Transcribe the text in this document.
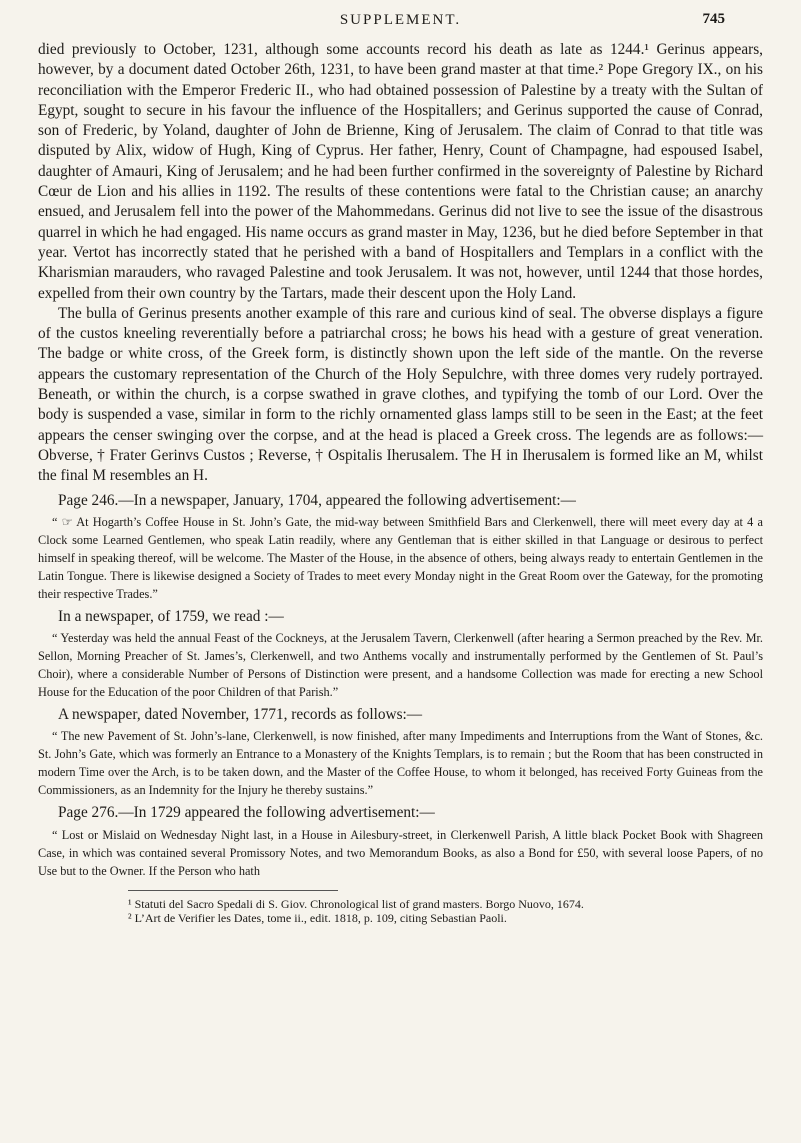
SUPPLEMENT.	745

died previously to October, 1231, although some accounts record his death as late as 1244.¹ Gerinus appears, however, by a document dated October 26th, 1231, to have been grand master at that time.² Pope Gregory IX., on his reconciliation with the Emperor Frederic II., who had obtained possession of Palestine by a treaty with the Sultan of Egypt, sought to secure in his favour the influence of the Hospitallers; and Gerinus supported the cause of Conrad, son of Frederic, by Yoland, daughter of John de Brienne, King of Jerusalem. The claim of Conrad to that title was disputed by Alix, widow of Hugh, King of Cyprus. Her father, Henry, Count of Champagne, had espoused Isabel, daughter of Amauri, King of Jerusalem; and he had been further confirmed in the sovereignty of Palestine by Richard Cœur de Lion and his allies in 1192. The results of these contentions were fatal to the Christian cause; an anarchy ensued, and Jerusalem fell into the power of the Mahommedans. Gerinus did not live to see the issue of the disastrous quarrel in which he had engaged. His name occurs as grand master in May, 1236, but he died before September in that year. Vertot has incorrectly stated that he perished with a band of Hospitallers and Templars in a conflict with the Kharismian marauders, who ravaged Palestine and took Jerusalem. It was not, however, until 1244 that those hordes, expelled from their own country by the Tartars, made their descent upon the Holy Land.

The bulla of Gerinus presents another example of this rare and curious kind of seal. The obverse displays a figure of the custos kneeling reverentially before a patriarchal cross; he bows his head with a gesture of great veneration. The badge or white cross, of the Greek form, is distinctly shown upon the left side of the mantle. On the reverse appears the customary representation of the Church of the Holy Sepulchre, with three domes very rudely portrayed. Beneath, or within the church, is a corpse swathed in grave clothes, and typifying the tomb of our Lord. Over the body is suspended a vase, similar in form to the richly ornamented glass lamps still to be seen in the East; at the feet appears the censer swinging over the corpse, and at the head is placed a Greek cross. The legends are as follows:— Obverse, † Frater Gerinvs Custos ; Reverse, † Ospitalis Iherusalem. The H in Iherusalem is formed like an M, whilst the final M resembles an H.

Page 246.—In a newspaper, January, 1704, appeared the following advertisement:—

“ ☞ At Hogarth’s Coffee House in St. John’s Gate, the mid-way between Smithfield Bars and Clerkenwell, there will meet every day at 4 a Clock some Learned Gentlemen, who speak Latin readily, where any Gentleman that is either skilled in that Language or desirous to perfect himself in speaking thereof, will be welcome. The Master of the House, in the absence of others, being always ready to entertain Gentlemen in the Latin Tongue. There is likewise designed a Society of Trades to meet every Monday night in the Great Room over the Gateway, for the promoting their respective Trades.”

In a newspaper, of 1759, we read :—

“ Yesterday was held the annual Feast of the Cockneys, at the Jerusalem Tavern, Clerkenwell (after hearing a Sermon preached by the Rev. Mr. Sellon, Morning Preacher of St. James’s, Clerkenwell, and two Anthems vocally and instrumentally performed by the Gentlemen of St. Paul’s Choir), where a considerable Number of Persons of Distinction were present, and a handsome Collection was made for erecting a new School House for the Education of the poor Children of that Parish.”

A newspaper, dated November, 1771, records as follows:—

“ The new Pavement of St. John’s-lane, Clerkenwell, is now finished, after many Impediments and Interruptions from the Want of Stones, &c. St. John’s Gate, which was formerly an Entrance to a Monastery of the Knights Templars, is to remain ; but the Room that has been constructed in modern Time over the Arch, is to be taken down, and the Master of the Coffee House, to whom it belonged, has received Forty Guineas from the Commissioners, as an Indemnity for the Injury he thereby sustains.”

Page 276.—In 1729 appeared the following advertisement:—

“ Lost or Mislaid on Wednesday Night last, in a House in Ailesbury-street, in Clerkenwell Parish, A little black Pocket Book with Shagreen Case, in which was contained several Promissory Notes, and two Memorandum Books, as also a Bond for £50, with several loose Papers, of no Use but to the Owner. If the Person who hath

¹ Statuti del Sacro Spedali di S. Giov. Chronological list of grand masters. Borgo Nuovo, 1674.

² L’Art de Verifier les Dates, tome ii., edit. 1818, p. 109, citing Sebastian Paoli.
